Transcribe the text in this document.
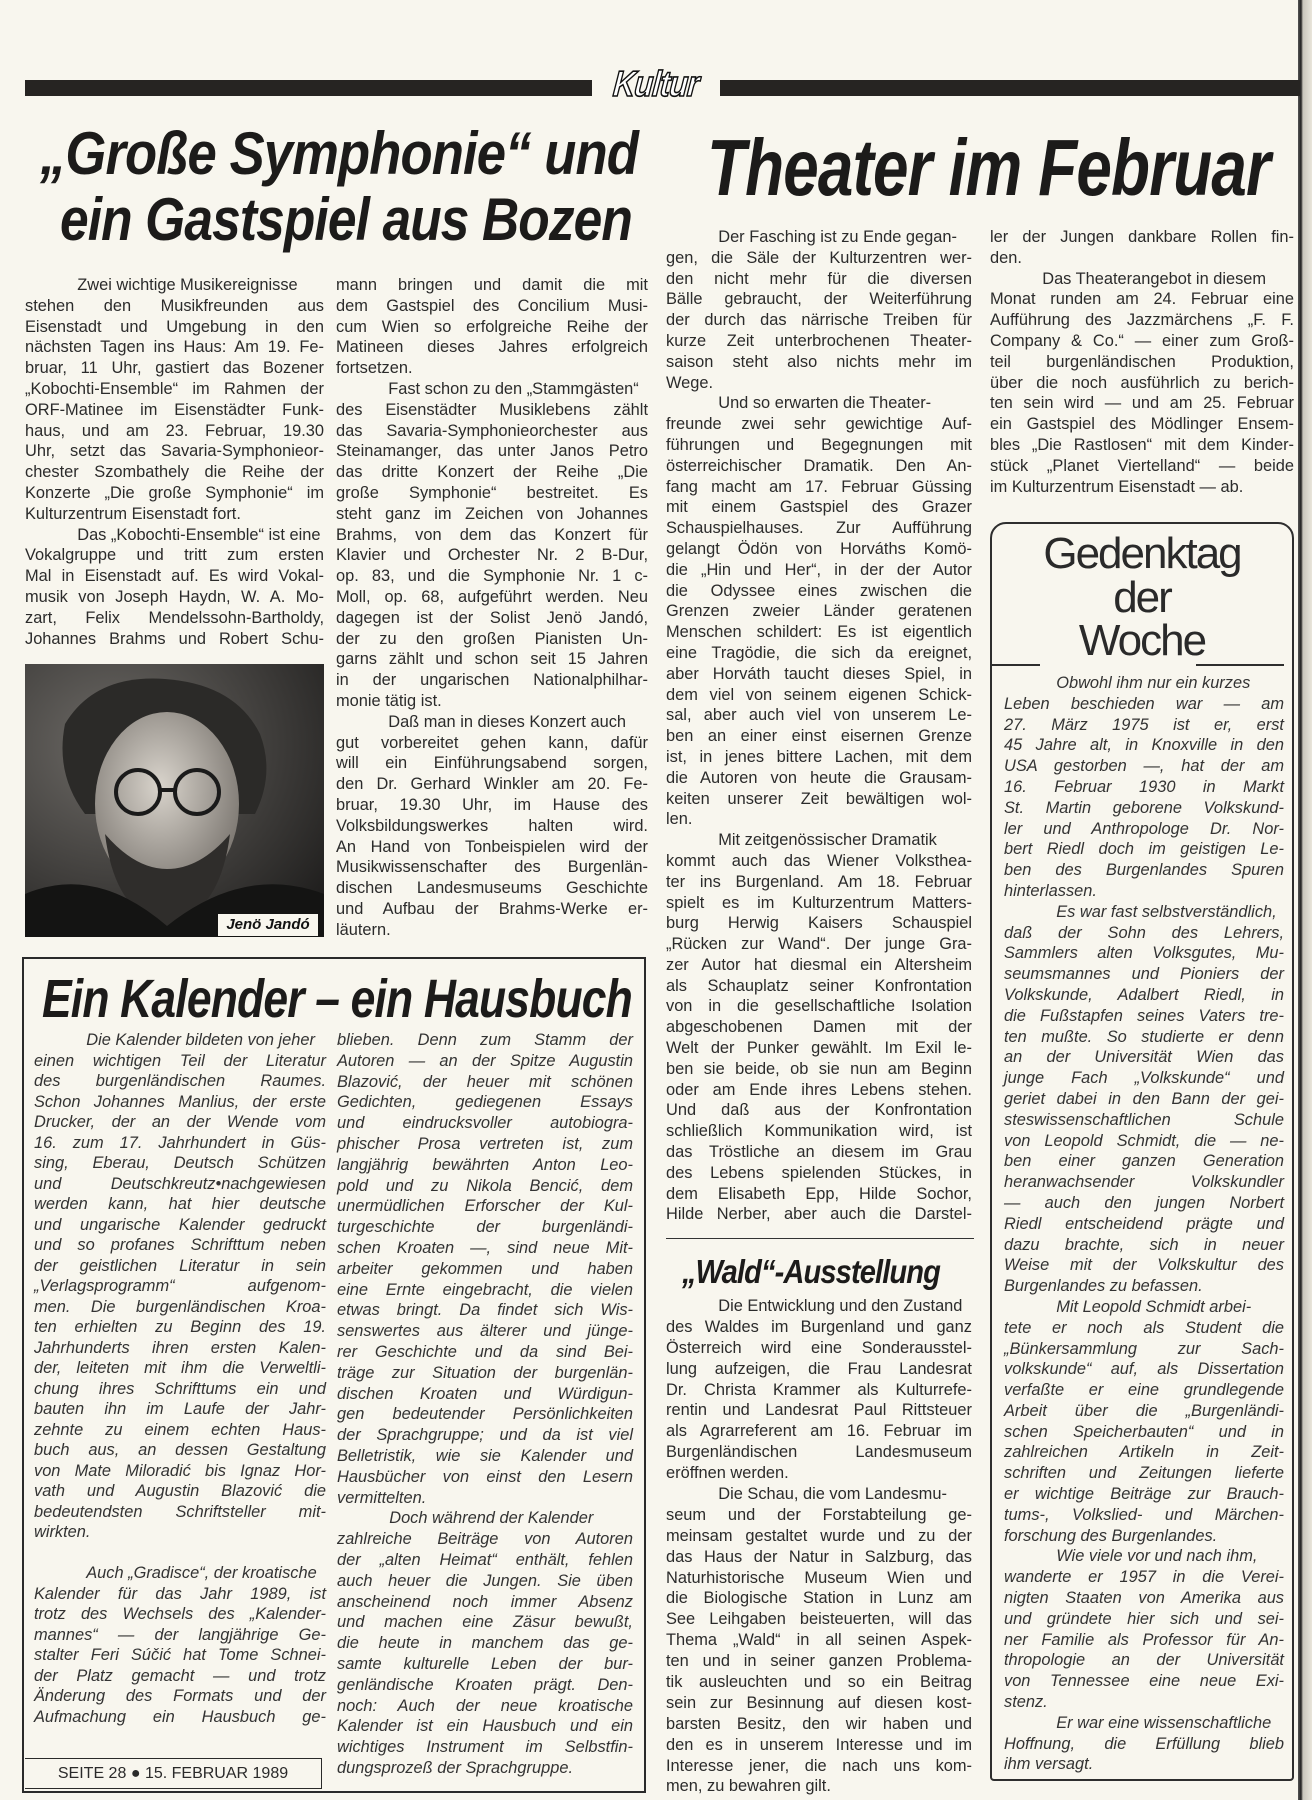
Kultur
„Große Symphonie“ und
ein Gastspiel aus Bozen
Zwei wichtige Musikereignisse
stehen den Musikfreunden aus
Eisenstadt und Umgebung in den
nächsten Tagen ins Haus: Am 19. Fe-
bruar, 11 Uhr, gastiert das Bozener
„Kobochti-Ensemble“ im Rahmen der
ORF-Matinee im Eisenstädter Funk-
haus, und am 23. Februar, 19.30
Uhr, setzt das Savaria-Symphonieor-
chester Szombathely die Reihe der
Konzerte „Die große Symphonie“ im
Kulturzentrum Eisenstadt fort.
Das „Kobochti-Ensemble“ ist eine
Vokalgruppe und tritt zum ersten
Mal in Eisenstadt auf. Es wird Vokal-
musik von Joseph Haydn, W. A. Mo-
zart, Felix Mendelssohn-Bartholdy,
Johannes Brahms und Robert Schu-
mann bringen und damit die mit
dem Gastspiel des Concilium Musi-
cum Wien so erfolgreiche Reihe der
Matineen dieses Jahres erfolgreich
fortsetzen.
Fast schon zu den „Stammgästen“
des Eisenstädter Musiklebens zählt
das Savaria-Symphonieorchester aus
Steinamanger, das unter Janos Petro
das dritte Konzert der Reihe „Die
große Symphonie“ bestreitet. Es
steht ganz im Zeichen von Johannes
Brahms, von dem das Konzert für
Klavier und Orchester Nr. 2 B-Dur,
op. 83, und die Symphonie Nr. 1 c-
Moll, op. 68, aufgeführt werden. Neu
dagegen ist der Solist Jenö Jandó,
der zu den großen Pianisten Un-
garns zählt und schon seit 15 Jahren
in der ungarischen Nationalphilhar-
monie tätig ist.
Daß man in dieses Konzert auch
gut vorbereitet gehen kann, dafür
will ein Einführungsabend sorgen,
den Dr. Gerhard Winkler am 20. Fe-
bruar, 19.30 Uhr, im Hause des
Volksbildungswerkes halten wird.
An Hand von Tonbeispielen wird der
Musikwissenschafter des Burgenlän-
dischen Landesmuseums Geschichte
und Aufbau der Brahms-Werke er-
läutern.
Jenö Jandó
Theater im Februar
Der Fasching ist zu Ende gegan-
gen, die Säle der Kulturzentren wer-
den nicht mehr für die diversen
Bälle gebraucht, der Weiterführung
der durch das närrische Treiben für
kurze Zeit unterbrochenen Theater-
saison steht also nichts mehr im
Wege.
Und so erwarten die Theater-
freunde zwei sehr gewichtige Auf-
führungen und Begegnungen mit
österreichischer Dramatik. Den An-
fang macht am 17. Februar Güssing
mit einem Gastspiel des Grazer
Schauspielhauses. Zur Aufführung
gelangt Ödön von Horváths Komö-
die „Hin und Her“, in der der Autor
die Odyssee eines zwischen die
Grenzen zweier Länder geratenen
Menschen schildert: Es ist eigentlich
eine Tragödie, die sich da ereignet,
aber Horváth taucht dieses Spiel, in
dem viel von seinem eigenen Schick-
sal, aber auch viel von unserem Le-
ben an einer einst eisernen Grenze
ist, in jenes bittere Lachen, mit dem
die Autoren von heute die Grausam-
keiten unserer Zeit bewältigen wol-
len.
Mit zeitgenössischer Dramatik
kommt auch das Wiener Volksthea-
ter ins Burgenland. Am 18. Februar
spielt es im Kulturzentrum Matters-
burg Herwig Kaisers Schauspiel
„Rücken zur Wand“. Der junge Gra-
zer Autor hat diesmal ein Altersheim
als Schauplatz seiner Konfrontation
von in die gesellschaftliche Isolation
abgeschobenen Damen mit der
Welt der Punker gewählt. Im Exil le-
ben sie beide, ob sie nun am Beginn
oder am Ende ihres Lebens stehen.
Und daß aus der Konfrontation
schließlich Kommunikation wird, ist
das Tröstliche an diesem im Grau
des Lebens spielenden Stückes, in
dem Elisabeth Epp, Hilde Sochor,
Hilde Nerber, aber auch die Darstel-
ler der Jungen dankbare Rollen fin-
den.
Das Theaterangebot in diesem
Monat runden am 24. Februar eine
Aufführung des Jazzmärchens „F. F.
Company & Co.“ — einer zum Groß-
teil burgenländischen Produktion,
über die noch ausführlich zu berich-
ten sein wird — und am 25. Februar
ein Gastspiel des Mödlinger Ensem-
bles „Die Rastlosen“ mit dem Kinder-
stück „Planet Viertelland“ — beide
im Kulturzentrum Eisenstadt — ab.
Gedenktag
der
Woche
Obwohl ihm nur ein kurzes
Leben beschieden war — am
27. März 1975 ist er, erst
45 Jahre alt, in Knoxville in den
USA gestorben —, hat der am
16. Februar 1930 in Markt
St. Martin geborene Volkskund-
ler und Anthropologe Dr. Nor-
bert Riedl doch im geistigen Le-
ben des Burgenlandes Spuren
hinterlassen.
Es war fast selbstverständlich,
daß der Sohn des Lehrers,
Sammlers alten Volksgutes, Mu-
seumsmannes und Pioniers der
Volkskunde, Adalbert Riedl, in
die Fußstapfen seines Vaters tre-
ten mußte. So studierte er denn
an der Universität Wien das
junge Fach „Volkskunde“ und
geriet dabei in den Bann der gei-
steswissenschaftlichen Schule
von Leopold Schmidt, die — ne-
ben einer ganzen Generation
heranwachsender Volkskundler
— auch den jungen Norbert
Riedl entscheidend prägte und
dazu brachte, sich in neuer
Weise mit der Volkskultur des
Burgenlandes zu befassen.
Mit Leopold Schmidt arbei-
tete er noch als Student die
„Bünkersammlung zur Sach-
volkskunde“ auf, als Dissertation
verfaßte er eine grundlegende
Arbeit über die „Burgenländi-
schen Speicherbauten“ und in
zahlreichen Artikeln in Zeit-
schriften und Zeitungen lieferte
er wichtige Beiträge zur Brauch-
tums-, Volkslied- und Märchen-
forschung des Burgenlandes.
Wie viele vor und nach ihm,
wanderte er 1957 in die Verei-
nigten Staaten von Amerika aus
und gründete hier sich und sei-
ner Familie als Professor für An-
thropologie an der Universität
von Tennessee eine neue Exi-
stenz.
Er war eine wissenschaftliche
Hoffnung, die Erfüllung blieb
ihm versagt.
Ein Kalender – ein Hausbuch
Die Kalender bildeten von jeher
einen wichtigen Teil der Literatur
des burgenländischen Raumes.
Schon Johannes Manlius, der erste
Drucker, der an der Wende vom
16. zum 17. Jahrhundert in Güs-
sing, Eberau, Deutsch Schützen
und Deutschkreutz•nachgewiesen
werden kann, hat hier deutsche
und ungarische Kalender gedruckt
und so profanes Schrifttum neben
der geistlichen Literatur in sein
„Verlagsprogramm“ aufgenom-
men. Die burgenländischen Kroa-
ten erhielten zu Beginn des 19.
Jahrhunderts ihren ersten Kalen-
der, leiteten mit ihm die Verweltli-
chung ihres Schrifttums ein und
bauten ihn im Laufe der Jahr-
zehnte zu einem echten Haus-
buch aus, an dessen Gestaltung
von Mate Miloradić bis Ignaz Hor-
vath und Augustin Blazović die
bedeutendsten Schriftsteller mit-
wirkten.
Auch „Gradisce“, der kroatische
Kalender für das Jahr 1989, ist
trotz des Wechsels des „Kalender-
mannes“ — der langjährige Ge-
stalter Feri Súčić hat Tome Schnei-
der Platz gemacht — und trotz
Änderung des Formats und der
Aufmachung ein Hausbuch ge-
blieben. Denn zum Stamm der
Autoren — an der Spitze Augustin
Blazović, der heuer mit schönen
Gedichten, gediegenen Essays
und eindrucksvoller autobiogra-
phischer Prosa vertreten ist, zum
langjährig bewährten Anton Leo-
pold und zu Nikola Bencić, dem
unermüdlichen Erforscher der Kul-
turgeschichte der burgenländi-
schen Kroaten —, sind neue Mit-
arbeiter gekommen und haben
eine Ernte eingebracht, die vielen
etwas bringt. Da findet sich Wis-
senswertes aus älterer und jünge-
rer Geschichte und da sind Bei-
träge zur Situation der burgenlän-
dischen Kroaten und Würdigun-
gen bedeutender Persönlichkeiten
der Sprachgruppe; und da ist viel
Belletristik, wie sie Kalender und
Hausbücher von einst den Lesern
vermittelten.
Doch während der Kalender
zahlreiche Beiträge von Autoren
der „alten Heimat“ enthält, fehlen
auch heuer die Jungen. Sie üben
anscheinend noch immer Absenz
und machen eine Zäsur bewußt,
die heute in manchem das ge-
samte kulturelle Leben der bur-
genländische Kroaten prägt. Den-
noch: Auch der neue kroatische
Kalender ist ein Hausbuch und ein
wichtiges Instrument im Selbstfin-
dungsprozeß der Sprachgruppe.
SEITE 28 ● 15. FEBRUAR 1989
„Wald“-Ausstellung
Die Entwicklung und den Zustand
des Waldes im Burgenland und ganz
Österreich wird eine Sonderausstel-
lung aufzeigen, die Frau Landesrat
Dr. Christa Krammer als Kulturrefe-
rentin und Landesrat Paul Rittsteuer
als Agrarreferent am 16. Februar im
Burgenländischen Landesmuseum
eröffnen werden.
Die Schau, die vom Landesmu-
seum und der Forstabteilung ge-
meinsam gestaltet wurde und zu der
das Haus der Natur in Salzburg, das
Naturhistorische Museum Wien und
die Biologische Station in Lunz am
See Leihgaben beisteuerten, will das
Thema „Wald“ in all seinen Aspek-
ten und in seiner ganzen Problema-
tik ausleuchten und so ein Beitrag
sein zur Besinnung auf diesen kost-
barsten Besitz, den wir haben und
den es in unserem Interesse und im
Interesse jener, die nach uns kom-
men, zu bewahren gilt.
